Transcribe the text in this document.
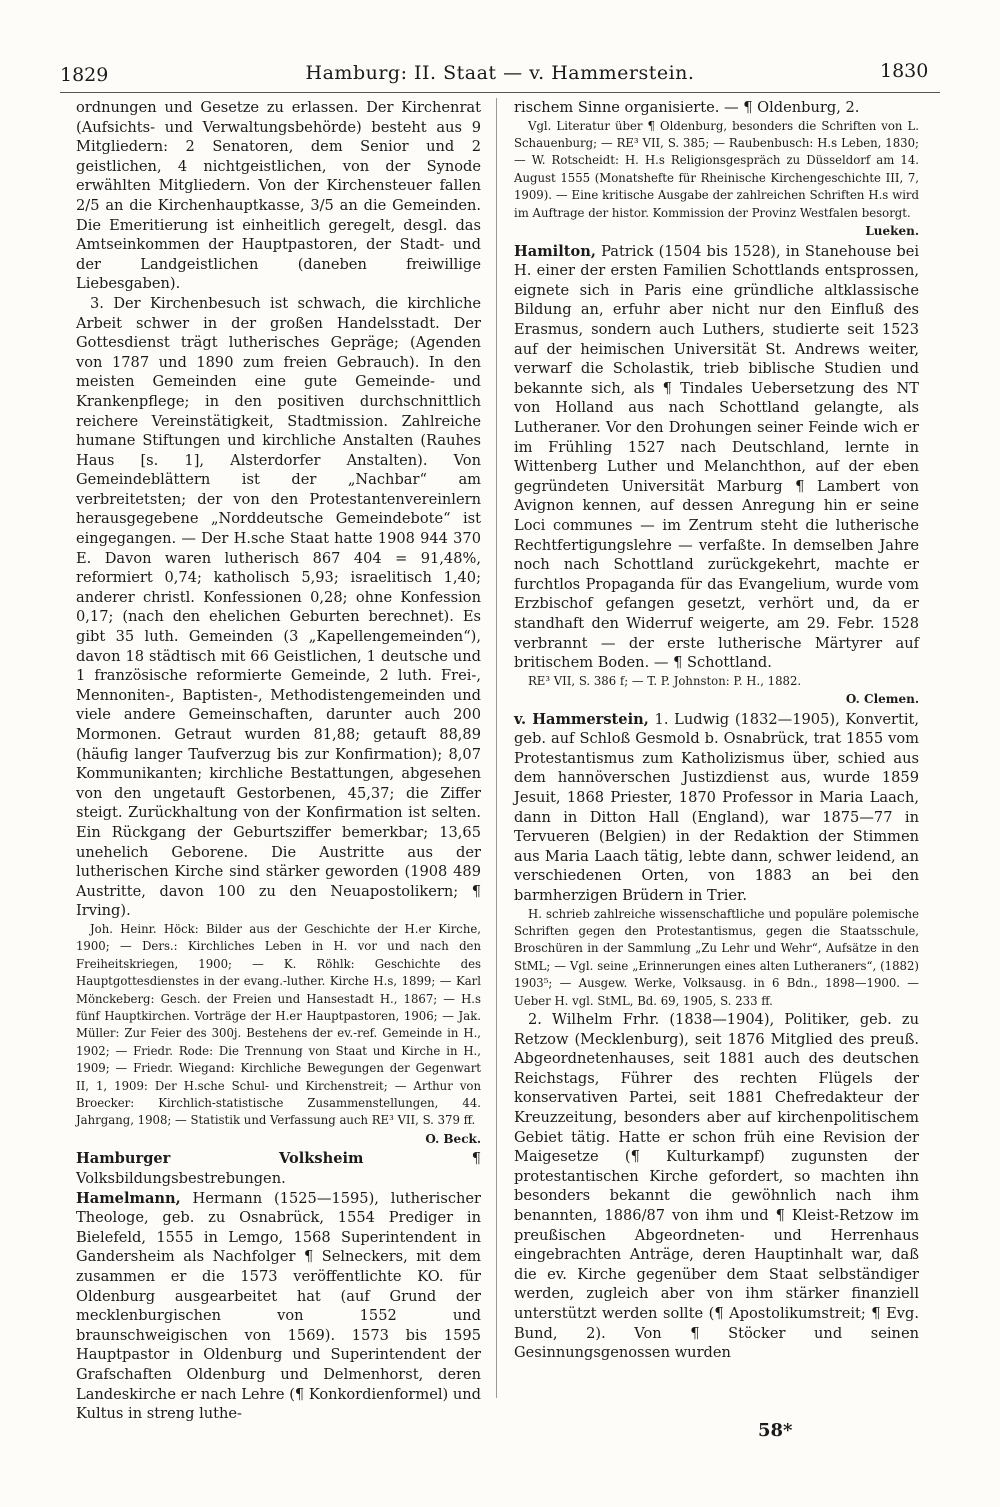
1829	Hamburg: II. Staat — v. Hammerstein.	1830

ordnungen und Gesetze zu erlassen. Der Kirchenrat (Aufsichts- und Verwaltungsbehörde) besteht aus 9 Mitgliedern: 2 Senatoren, dem Senior und 2 geistlichen, 4 nichtgeistlichen, von der Synode erwählten Mitgliedern. Von der Kirchensteuer fallen 2/5 an die Kirchenhauptkasse, 3/5 an die Gemeinden. Die Emeritierung ist einheitlich geregelt, desgl. das Amtseinkommen der Hauptpastoren, der Stadt- und der Landgeistlichen (daneben freiwillige Liebesgaben).

3. Der Kirchenbesuch ist schwach, die kirchliche Arbeit schwer in der großen Handelsstadt. Der Gottesdienst trägt lutherisches Gepräge; (Agenden von 1787 und 1890 zum freien Gebrauch). In den meisten Gemeinden eine gute Gemeinde- und Krankenpflege; in den positiven durchschnittlich reichere Vereinstätigkeit, Stadtmission. Zahlreiche humane Stiftungen und kirchliche Anstalten (Rauhes Haus [s. 1], Alsterdorfer Anstalten). Von Gemeindeblättern ist der „Nachbar“ am verbreitetsten; der von den Protestantenvereinlern herausgegebene „Norddeutsche Gemeindebote“ ist eingegangen. — Der H.sche Staat hatte 1908 944 370 E. Davon waren lutherisch 867 404 = 91,48%, reformiert 0,74; katholisch 5,93; israelitisch 1,40; anderer christl. Konfessionen 0,28; ohne Konfession 0,17; (nach den ehelichen Geburten berechnet). Es gibt 35 luth. Gemeinden (3 „Kapellengemeinden“), davon 18 städtisch mit 66 Geistlichen, 1 deutsche und 1 französische reformierte Gemeinde, 2 luth. Frei-, Mennoniten-, Baptisten-, Methodistengemeinden und viele andere Gemeinschaften, darunter auch 200 Mormonen. Getraut wurden 81,88; getauft 88,89 (häufig langer Taufverzug bis zur Konfirmation); 8,07 Kommunikanten; kirchliche Bestattungen, abgesehen von den ungetauft Gestorbenen, 45,37; die Ziffer steigt. Zurückhaltung von der Konfirmation ist selten. Ein Rückgang der Geburtsziffer bemerkbar; 13,65 unehelich Geborene. Die Austritte aus der lutherischen Kirche sind stärker geworden (1908 489 Austritte, davon 100 zu den Neuapostolikern; ¶ Irving).

Joh. Heinr. Höck: Bilder aus der Geschichte der H.er Kirche, 1900; — Ders.: Kirchliches Leben in H. vor und nach den Freiheitskriegen, 1900; — K. Röhlk: Geschichte des Hauptgottesdienstes in der evang.-luther. Kirche H.s, 1899; — Karl Mönckeberg: Gesch. der Freien und Hansestadt H., 1867; — H.s fünf Hauptkirchen. Vorträge der H.er Hauptpastoren, 1906; — Jak. Müller: Zur Feier des 300j. Bestehens der ev.-ref. Gemeinde in H., 1902; — Friedr. Rode: Die Trennung von Staat und Kirche in H., 1909; — Friedr. Wiegand: Kirchliche Bewegungen der Gegenwart II, 1, 1909: Der H.sche Schul- und Kirchenstreit; — Arthur von Broecker: Kirchlich-statistische Zusammenstellungen, 44. Jahrgang, 1908; — Statistik und Verfassung auch RE³ VII, S. 379 ff.

O. Beck.

Hamburger Volksheim	¶ Volksbildungsbestrebungen.

Hamelmann, Hermann (1525—1595), lutherischer Theologe, geb. zu Osnabrück, 1554 Prediger in Bielefeld, 1555 in Lemgo, 1568 Superintendent in Gandersheim als Nachfolger ¶ Selneckers, mit dem zusammen er die 1573 veröffentlichte KO. für Oldenburg ausgearbeitet hat (auf Grund der mecklenburgischen von 1552 und braunschweigischen von 1569). 1573 bis 1595 Hauptpastor in Oldenburg und Superintendent der Grafschaften Oldenburg und Delmenhorst, deren Landeskirche er nach Lehre (¶ Konkordienformel) und Kultus in streng luthe-

rischem Sinne organisierte. — ¶ Oldenburg, 2.

Vgl. Literatur über ¶ Oldenburg, besonders die Schriften von L. Schauenburg; — RE³ VII, S. 385; — Raubenbusch: H.s Leben, 1830; — W. Rotscheidt: H. H.s Religionsgespräch zu Düsseldorf am 14. August 1555 (Monatshefte für Rheinische Kirchengeschichte III, 7, 1909). — Eine kritische Ausgabe der zahlreichen Schriften H.s wird im Auftrage der histor. Kommission der Provinz Westfalen besorgt.

Lueken.

Hamilton, Patrick (1504 bis 1528), in Stanehouse bei H. einer der ersten Familien Schottlands entsprossen, eignete sich in Paris eine gründliche altklassische Bildung an, erfuhr aber nicht nur den Einfluß des Erasmus, sondern auch Luthers, studierte seit 1523 auf der heimischen Universität St. Andrews weiter, verwarf die Scholastik, trieb biblische Studien und bekannte sich, als ¶ Tindales Uebersetzung des NT von Holland aus nach Schottland gelangte, als Lutheraner. Vor den Drohungen seiner Feinde wich er im Frühling 1527 nach Deutschland, lernte in Wittenberg Luther und Melanchthon, auf der eben gegründeten Universität Marburg ¶ Lambert von Avignon kennen, auf dessen Anregung hin er seine Loci communes — im Zentrum steht die lutherische Rechtfertigungslehre — verfaßte. In demselben Jahre noch nach Schottland zurückgekehrt, machte er furchtlos Propaganda für das Evangelium, wurde vom Erzbischof gefangen gesetzt, verhört und, da er standhaft den Widerruf weigerte, am 29. Febr. 1528 verbrannt — der erste lutherische Märtyrer auf britischem Boden. — ¶ Schottland.

RE³ VII, S. 386 f; — T. P. Johnston: P. H., 1882.

O. Clemen.

v. Hammerstein, 1. Ludwig (1832—1905), Konvertit, geb. auf Schloß Gesmold b. Osnabrück, trat 1855 vom Protestantismus zum Katholizismus über, schied aus dem hannöverschen Justizdienst aus, wurde 1859 Jesuit, 1868 Priester, 1870 Professor in Maria Laach, dann in Ditton Hall (England), war 1875—77 in Tervueren (Belgien) in der Redaktion der Stimmen aus Maria Laach tätig, lebte dann, schwer leidend, an verschiedenen Orten, von 1883 an bei den barmherzigen Brüdern in Trier.

H. schrieb zahlreiche wissenschaftliche und populäre polemische Schriften gegen den Protestantismus, gegen die Staatsschule, Broschüren in der Sammlung „Zu Lehr und Wehr“, Aufsätze in den StML; — Vgl. seine „Erinnerungen eines alten Lutheraners“, (1882) 1903⁵; — Ausgew. Werke, Volksausg. in 6 Bdn., 1898—1900. — Ueber H. vgl. StML, Bd. 69, 1905, S. 233 ff.

2. Wilhelm Frhr. (1838—1904), Politiker, geb. zu Retzow (Mecklenburg), seit 1876 Mitglied des preuß. Abgeordnetenhauses, seit 1881 auch des deutschen Reichstags, Führer des rechten Flügels der konservativen Partei, seit 1881 Chefredakteur der Kreuzzeitung, besonders aber auf kirchenpolitischem Gebiet tätig. Hatte er schon früh eine Revision der Maigesetze (¶ Kulturkampf) zugunsten der protestantischen Kirche gefordert, so machten ihn besonders bekannt die gewöhnlich nach ihm benannten, 1886/87 von ihm und ¶ Kleist-Retzow im preußischen Abgeordneten- und Herrenhaus eingebrachten Anträge, deren Hauptinhalt war, daß die ev. Kirche gegenüber dem Staat selbständiger werden, zugleich aber von ihm stärker finanziell unterstützt werden sollte (¶ Apostolikumstreit; ¶ Evg. Bund, 2). Von ¶ Stöcker und seinen Gesinnungsgenossen wurden

58*
